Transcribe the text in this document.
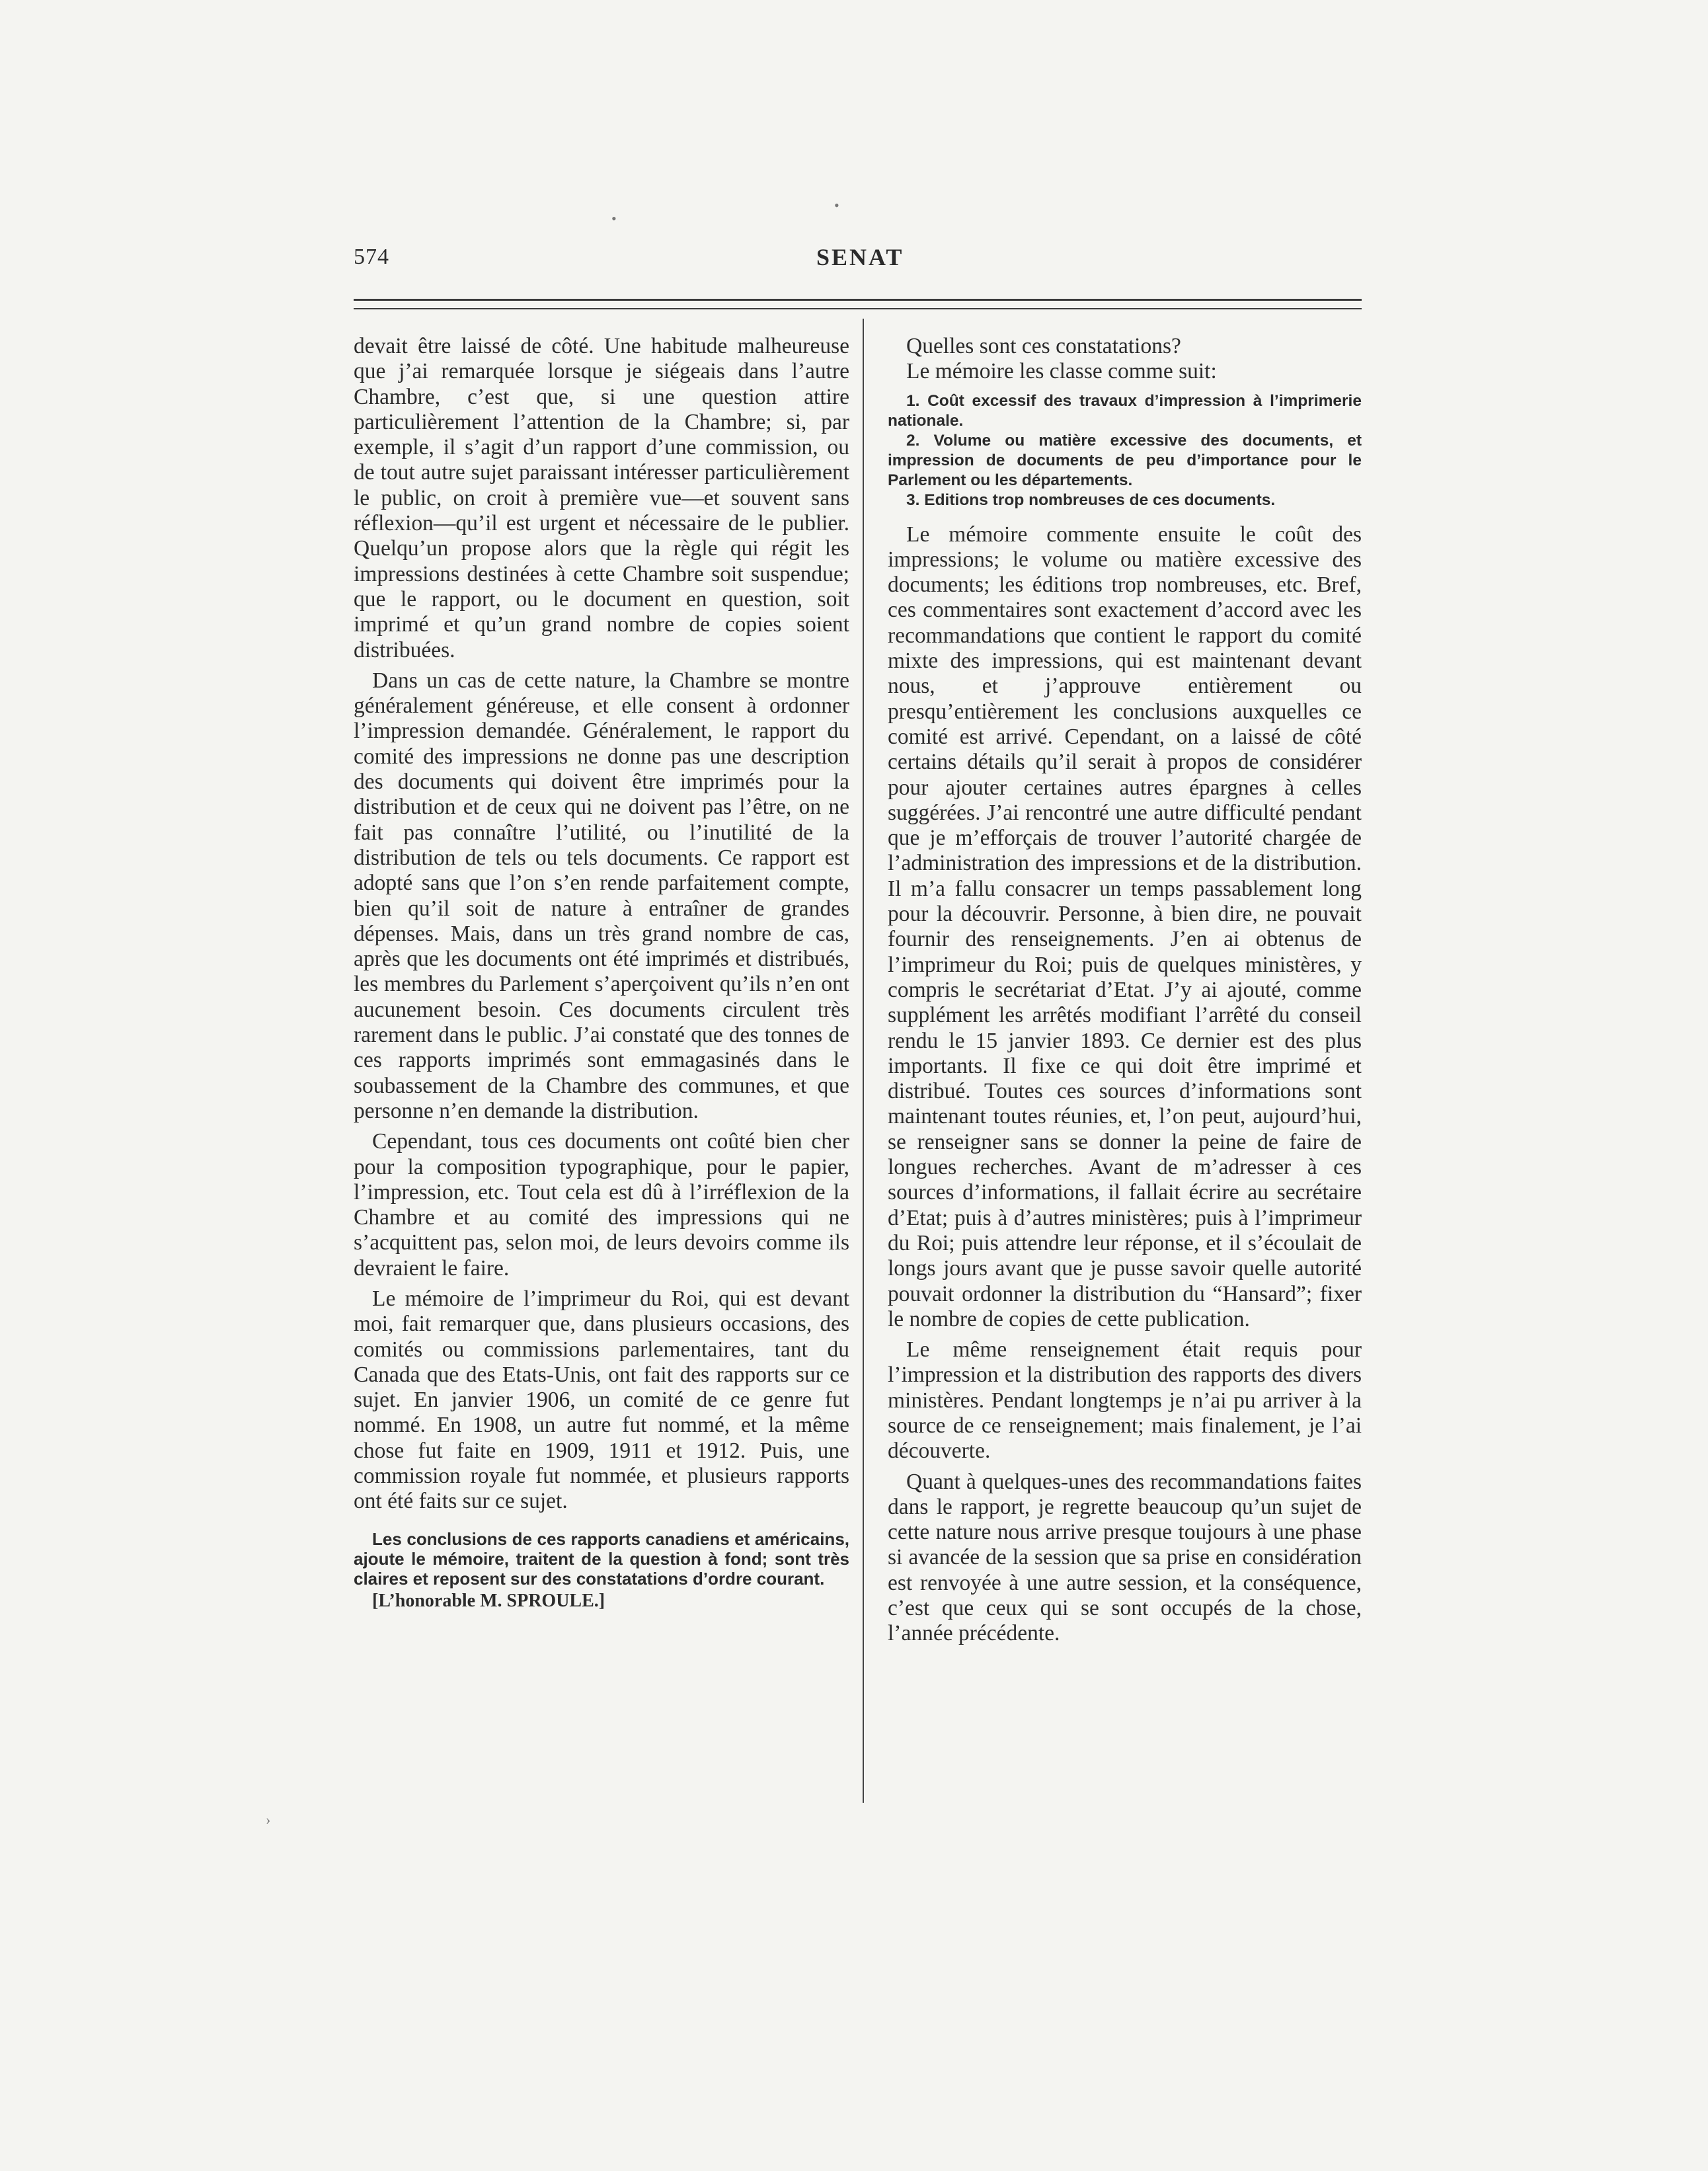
574	SENAT
•
•
›

devait être laissé de côté. Une habitude malheureuse que j’ai remarquée lorsque je siégeais dans l’autre Chambre, c’est que, si une question attire particulièrement l’attention de la Chambre; si, par exemple, il s’agit d’un rapport d’une commission, ou de tout autre sujet paraissant intéresser particulièrement le public, on croit à première vue—et souvent sans réflexion—qu’il est urgent et nécessaire de le publier. Quelqu’un propose alors que la règle qui régit les impressions destinées à cette Chambre soit suspendue; que le rapport, ou le document en question, soit imprimé et qu’un grand nombre de copies soient distribuées.

Dans un cas de cette nature, la Chambre se montre généralement généreuse, et elle consent à ordonner l’impression demandée. Généralement, le rapport du comité des impressions ne donne pas une description des documents qui doivent être imprimés pour la distribution et de ceux qui ne doivent pas l’être, on ne fait pas connaître l’utilité, ou l’inutilité de la distribution de tels ou tels documents. Ce rapport est adopté sans que l’on s’en rende parfaitement compte, bien qu’il soit de nature à entraîner de grandes dépenses. Mais, dans un très grand nombre de cas, après que les documents ont été imprimés et distribués, les membres du Parlement s’aperçoivent qu’ils n’en ont aucunement besoin. Ces documents circulent très rarement dans le public. J’ai constaté que des tonnes de ces rapports imprimés sont emmagasinés dans le soubassement de la Chambre des communes, et que personne n’en demande la distribution.

Cependant, tous ces documents ont coûté bien cher pour la composition typographique, pour le papier, l’impression, etc. Tout cela est dû à l’irréflexion de la Chambre et au comité des impressions qui ne s’acquittent pas, selon moi, de leurs devoirs comme ils devraient le faire.

Le mémoire de l’imprimeur du Roi, qui est devant moi, fait remarquer que, dans plusieurs occasions, des comités ou commissions parlementaires, tant du Canada que des Etats-Unis, ont fait des rapports sur ce sujet. En janvier 1906, un comité de ce genre fut nommé. En 1908, un autre fut nommé, et la même chose fut faite en 1909, 1911 et 1912. Puis, une commission royale fut nommée, et plusieurs rapports ont été faits sur ce sujet.

Les conclusions de ces rapports canadiens et américains, ajoute le mémoire, traitent de la question à fond; sont très claires et reposent sur des constatations d’ordre courant.

[L’honorable M. SPROULE.]

Quelles sont ces constatations?

Le mémoire les classe comme suit:

1. Coût excessif des travaux d’impression à l’imprimerie nationale.

2. Volume ou matière excessive des documents, et impression de documents de peu d’importance pour le Parlement ou les départements.

3. Editions trop nombreuses de ces documents.

Le mémoire commente ensuite le coût des impressions; le volume ou matière excessive des documents; les éditions trop nombreuses, etc. Bref, ces commentaires sont exactement d’accord avec les recommandations que contient le rapport du comité mixte des impressions, qui est maintenant devant nous, et j’approuve entièrement ou presqu’entièrement les conclusions auxquelles ce comité est arrivé. Cependant, on a laissé de côté certains détails qu’il serait à propos de considérer pour ajouter certaines autres épargnes à celles suggérées. J’ai rencontré une autre difficulté pendant que je m’efforçais de trouver l’autorité chargée de l’administration des impressions et de la distribution. Il m’a fallu consacrer un temps passablement long pour la découvrir. Personne, à bien dire, ne pouvait fournir des renseignements. J’en ai obtenus de l’imprimeur du Roi; puis de quelques ministères, y compris le secrétariat d’Etat. J’y ai ajouté, comme supplément les arrêtés modifiant l’arrêté du conseil rendu le 15 janvier 1893. Ce dernier est des plus importants. Il fixe ce qui doit être imprimé et distribué. Toutes ces sources d’informations sont maintenant toutes réunies, et, l’on peut, aujourd’hui, se renseigner sans se donner la peine de faire de longues recherches. Avant de m’adresser à ces sources d’informations, il fallait écrire au secrétaire d’Etat; puis à d’autres ministères; puis à l’imprimeur du Roi; puis attendre leur réponse, et il s’écoulait de longs jours avant que je pusse savoir quelle autorité pouvait ordonner la distribution du “Hansard”; fixer le nombre de copies de cette publication.

Le même renseignement était requis pour l’impression et la distribution des rapports des divers ministères. Pendant longtemps je n’ai pu arriver à la source de ce renseignement; mais finalement, je l’ai découverte.

Quant à quelques-unes des recommandations faites dans le rapport, je regrette beaucoup qu’un sujet de cette nature nous arrive presque toujours à une phase si avancée de la session que sa prise en considération est renvoyée à une autre session, et la conséquence, c’est que ceux qui se sont occupés de la chose, l’année précédente.
